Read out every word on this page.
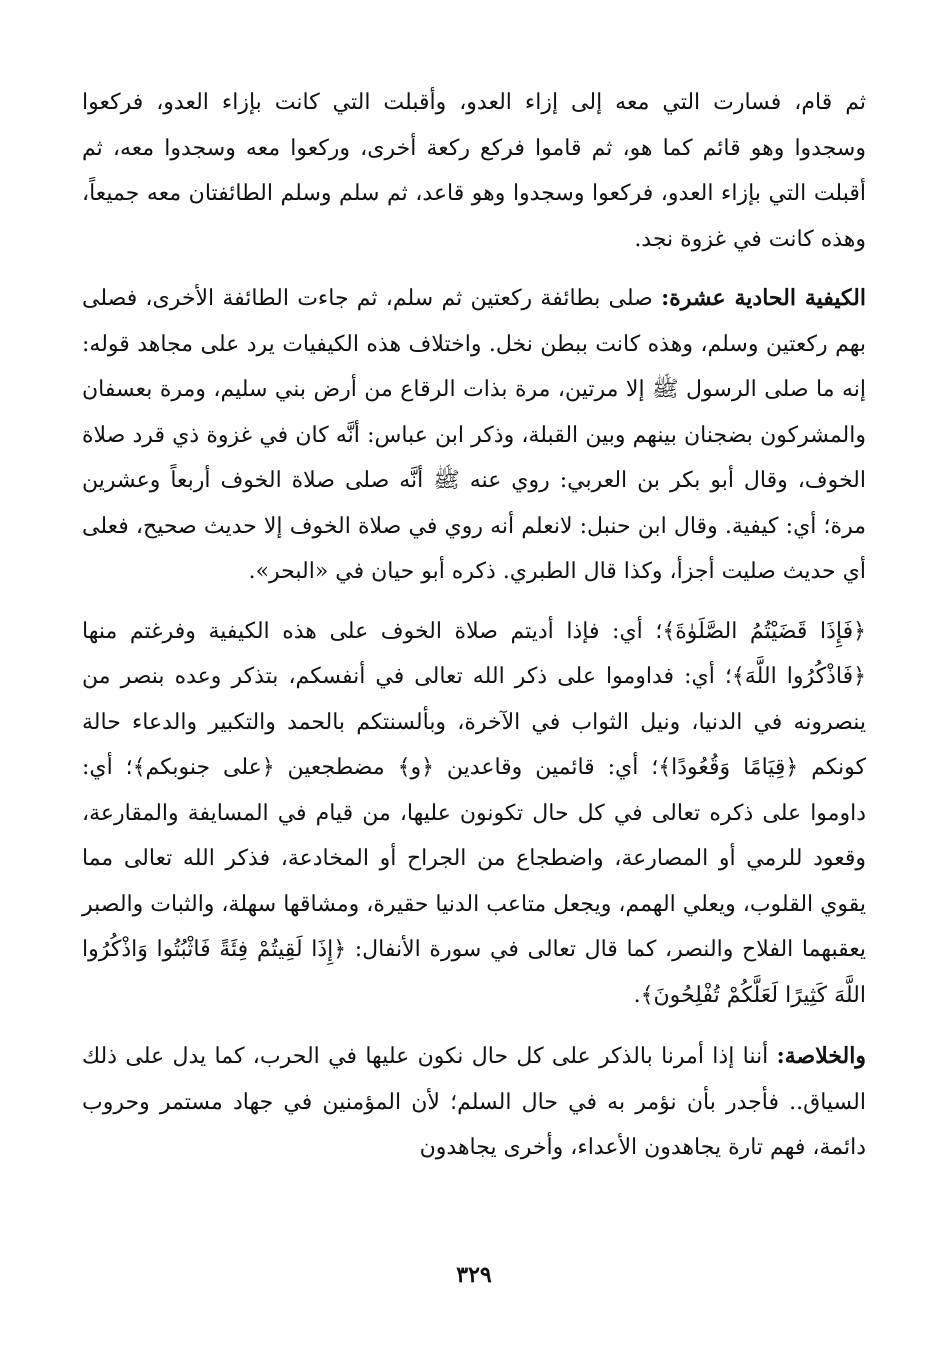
ثم قام، فسارت التي معه إلى إزاء العدو، وأقبلت التي كانت بإزاء العدو، فركعوا وسجدوا وهو قائم كما هو، ثم قاموا فركع ركعة أخرى، وركعوا معه وسجدوا معه، ثم أقبلت التي بإزاء العدو، فركعوا وسجدوا وهو قاعد، ثم سلم وسلم الطائفتان معه جميعاً، وهذه كانت في غزوة نجد.

الكيفية الحادية عشرة: صلى بطائفة ركعتين ثم سلم، ثم جاءت الطائفة الأخرى، فصلى بهم ركعتين وسلم، وهذه كانت ببطن نخل. واختلاف هذه الكيفيات يرد على مجاهد قوله: إنه ما صلى الرسول ﷺ إلا مرتين، مرة بذات الرقاع من أرض بني سليم، ومرة بعسفان والمشركون بضجنان بينهم وبين القبلة، وذكر ابن عباس: أنَّه كان في غزوة ذي قرد صلاة الخوف، وقال أبو بكر بن العربي: روي عنه ﷺ أنَّه صلى صلاة الخوف أربعاً وعشرين مرة؛ أي: كيفية. وقال ابن حنبل: لانعلم أنه روي في صلاة الخوف إلا حديث صحيح، فعلى أي حديث صليت أجزأ، وكذا قال الطبري. ذكره أبو حيان في «البحر».

﴿فَإِذَا قَضَيْتُمُ الصَّلَوٰةَ﴾؛ أي: فإذا أديتم صلاة الخوف على هذه الكيفية وفرغتم منها ﴿فَاذْكُرُوا اللَّهَ﴾؛ أي: فداوموا على ذكر الله تعالى في أنفسكم، بتذكر وعده بنصر من ينصرونه في الدنيا، ونيل الثواب في الآخرة، وبألسنتكم بالحمد والتكبير والدعاء حالة كونكم ﴿قِيَامًا وَقُعُودًا﴾؛ أي: قائمين وقاعدين ﴿و﴾ مضطجعين ﴿على جنوبكم﴾؛ أي: داوموا على ذكره تعالى في كل حال تكونون عليها، من قيام في المسايفة والمقارعة، وقعود للرمي أو المصارعة، واضطجاع من الجراح أو المخادعة، فذكر الله تعالى مما يقوي القلوب، ويعلي الهمم، ويجعل متاعب الدنيا حقيرة، ومشاقها سهلة، والثبات والصبر يعقبهما الفلاح والنصر، كما قال تعالى في سورة الأنفال: ﴿إِذَا لَقِيتُمْ فِئَةً فَاثْبُتُوا وَاذْكُرُوا اللَّهَ كَثِيرًا لَعَلَّكُمْ تُفْلِحُونَ﴾.

والخلاصة: أننا إذا أمرنا بالذكر على كل حال نكون عليها في الحرب، كما يدل على ذلك السياق.. فأجدر بأن نؤمر به في حال السلم؛ لأن المؤمنين في جهاد مستمر وحروب دائمة، فهم تارة يجاهدون الأعداء، وأخرى يجاهدون

٣٢٩
